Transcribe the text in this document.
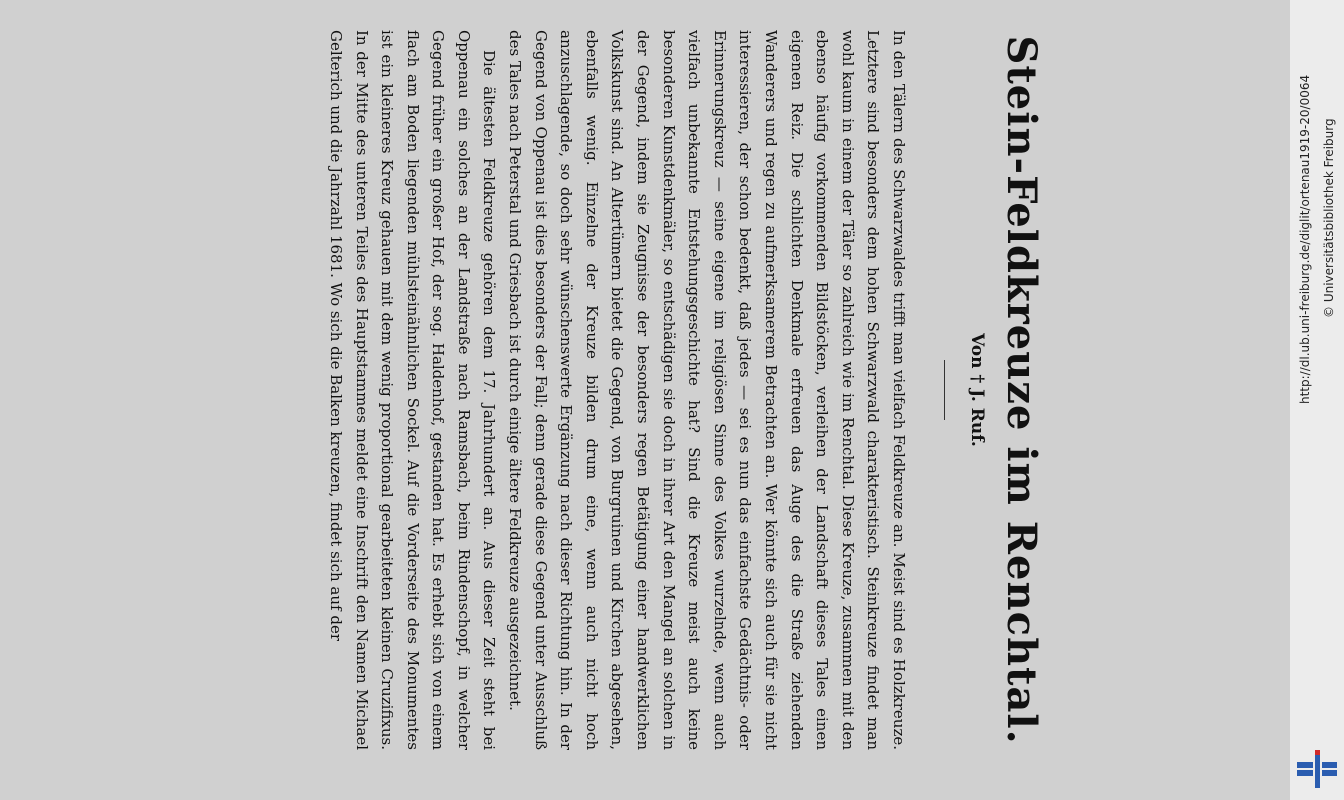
Stein-Feldkreuze im Renchtal.
Von † J. Ruf.

In den Tälern des Schwarzwaldes trifft man vielfach Feldkreuze an. Meist sind es Holzkreuze. Letztere sind besonders dem hohen Schwarzwald charakteristisch. Steinkreuze findet man wohl kaum in einem der Täler so zahlreich wie im Renchtal. Diese Kreuze, zusammen mit den ebenso häufig vorkommenden Bildstöcken, verleihen der Landschaft dieses Tales einen eigenen Reiz. Die schlichten Denkmale erfreuen das Auge des die Straße ziehenden Wanderers und regen zu aufmerksamerem Betrachten an. Wer könnte sich auch für sie nicht interessieren, der schon bedenkt, daß jedes — sei es nun das einfachste Gedächtnis- oder Erinnerungskreuz — seine eigene im religiösen Sinne des Volkes wurzelnde, wenn auch vielfach unbekannte Entstehungsgeschichte hat? Sind die Kreuze meist auch keine besonderen Kunstdenkmäler, so entschädigen sie doch in ihrer Art den Mangel an solchen in der Gegend, indem sie Zeugnisse der besonders regen Betätigung einer handwerklichen Volkskunst sind. An Altertümern bietet die Gegend, von Burgruinen und Kirchen abgesehen, ebenfalls wenig. Einzelne der Kreuze bilden drum eine, wenn auch nicht hoch anzuschlagende, so doch sehr wünschenswerte Ergänzung nach dieser Richtung hin. In der Gegend von Oppenau ist dies besonders der Fall; denn gerade diese Gegend unter Ausschluß des Tales nach Peterstal und Griesbach ist durch einige ältere Feldkreuze ausgezeichnet.

Die ältesten Feldkreuze gehören dem 17. Jahrhundert an. Aus dieser Zeit steht bei Oppenau ein solches an der Landstraße nach Ramsbach, beim Rindenschopf, in welcher Gegend früher ein großer Hof, der sog. Haldenhof, gestanden hat. Es erhebt sich von einem flach am Boden liegenden mühlsteinähnlichen Sockel. Auf die Vorderseite des Monumentes ist ein kleineres Kreuz gehauen mit dem wenig proportional gearbeiteten kleinen Cruzifixus. In der Mitte des unteren Teiles des Hauptstammes meldet eine Inschrift den Namen Michael Gelterich und die Jahrzahl 1681. Wo sich die Balken kreuzen, findet sich auf der	http://dl.ub.uni-freiburg.de/diglit/ortenau1919-20/0064 © Universitätsbibliothek Freiburg
